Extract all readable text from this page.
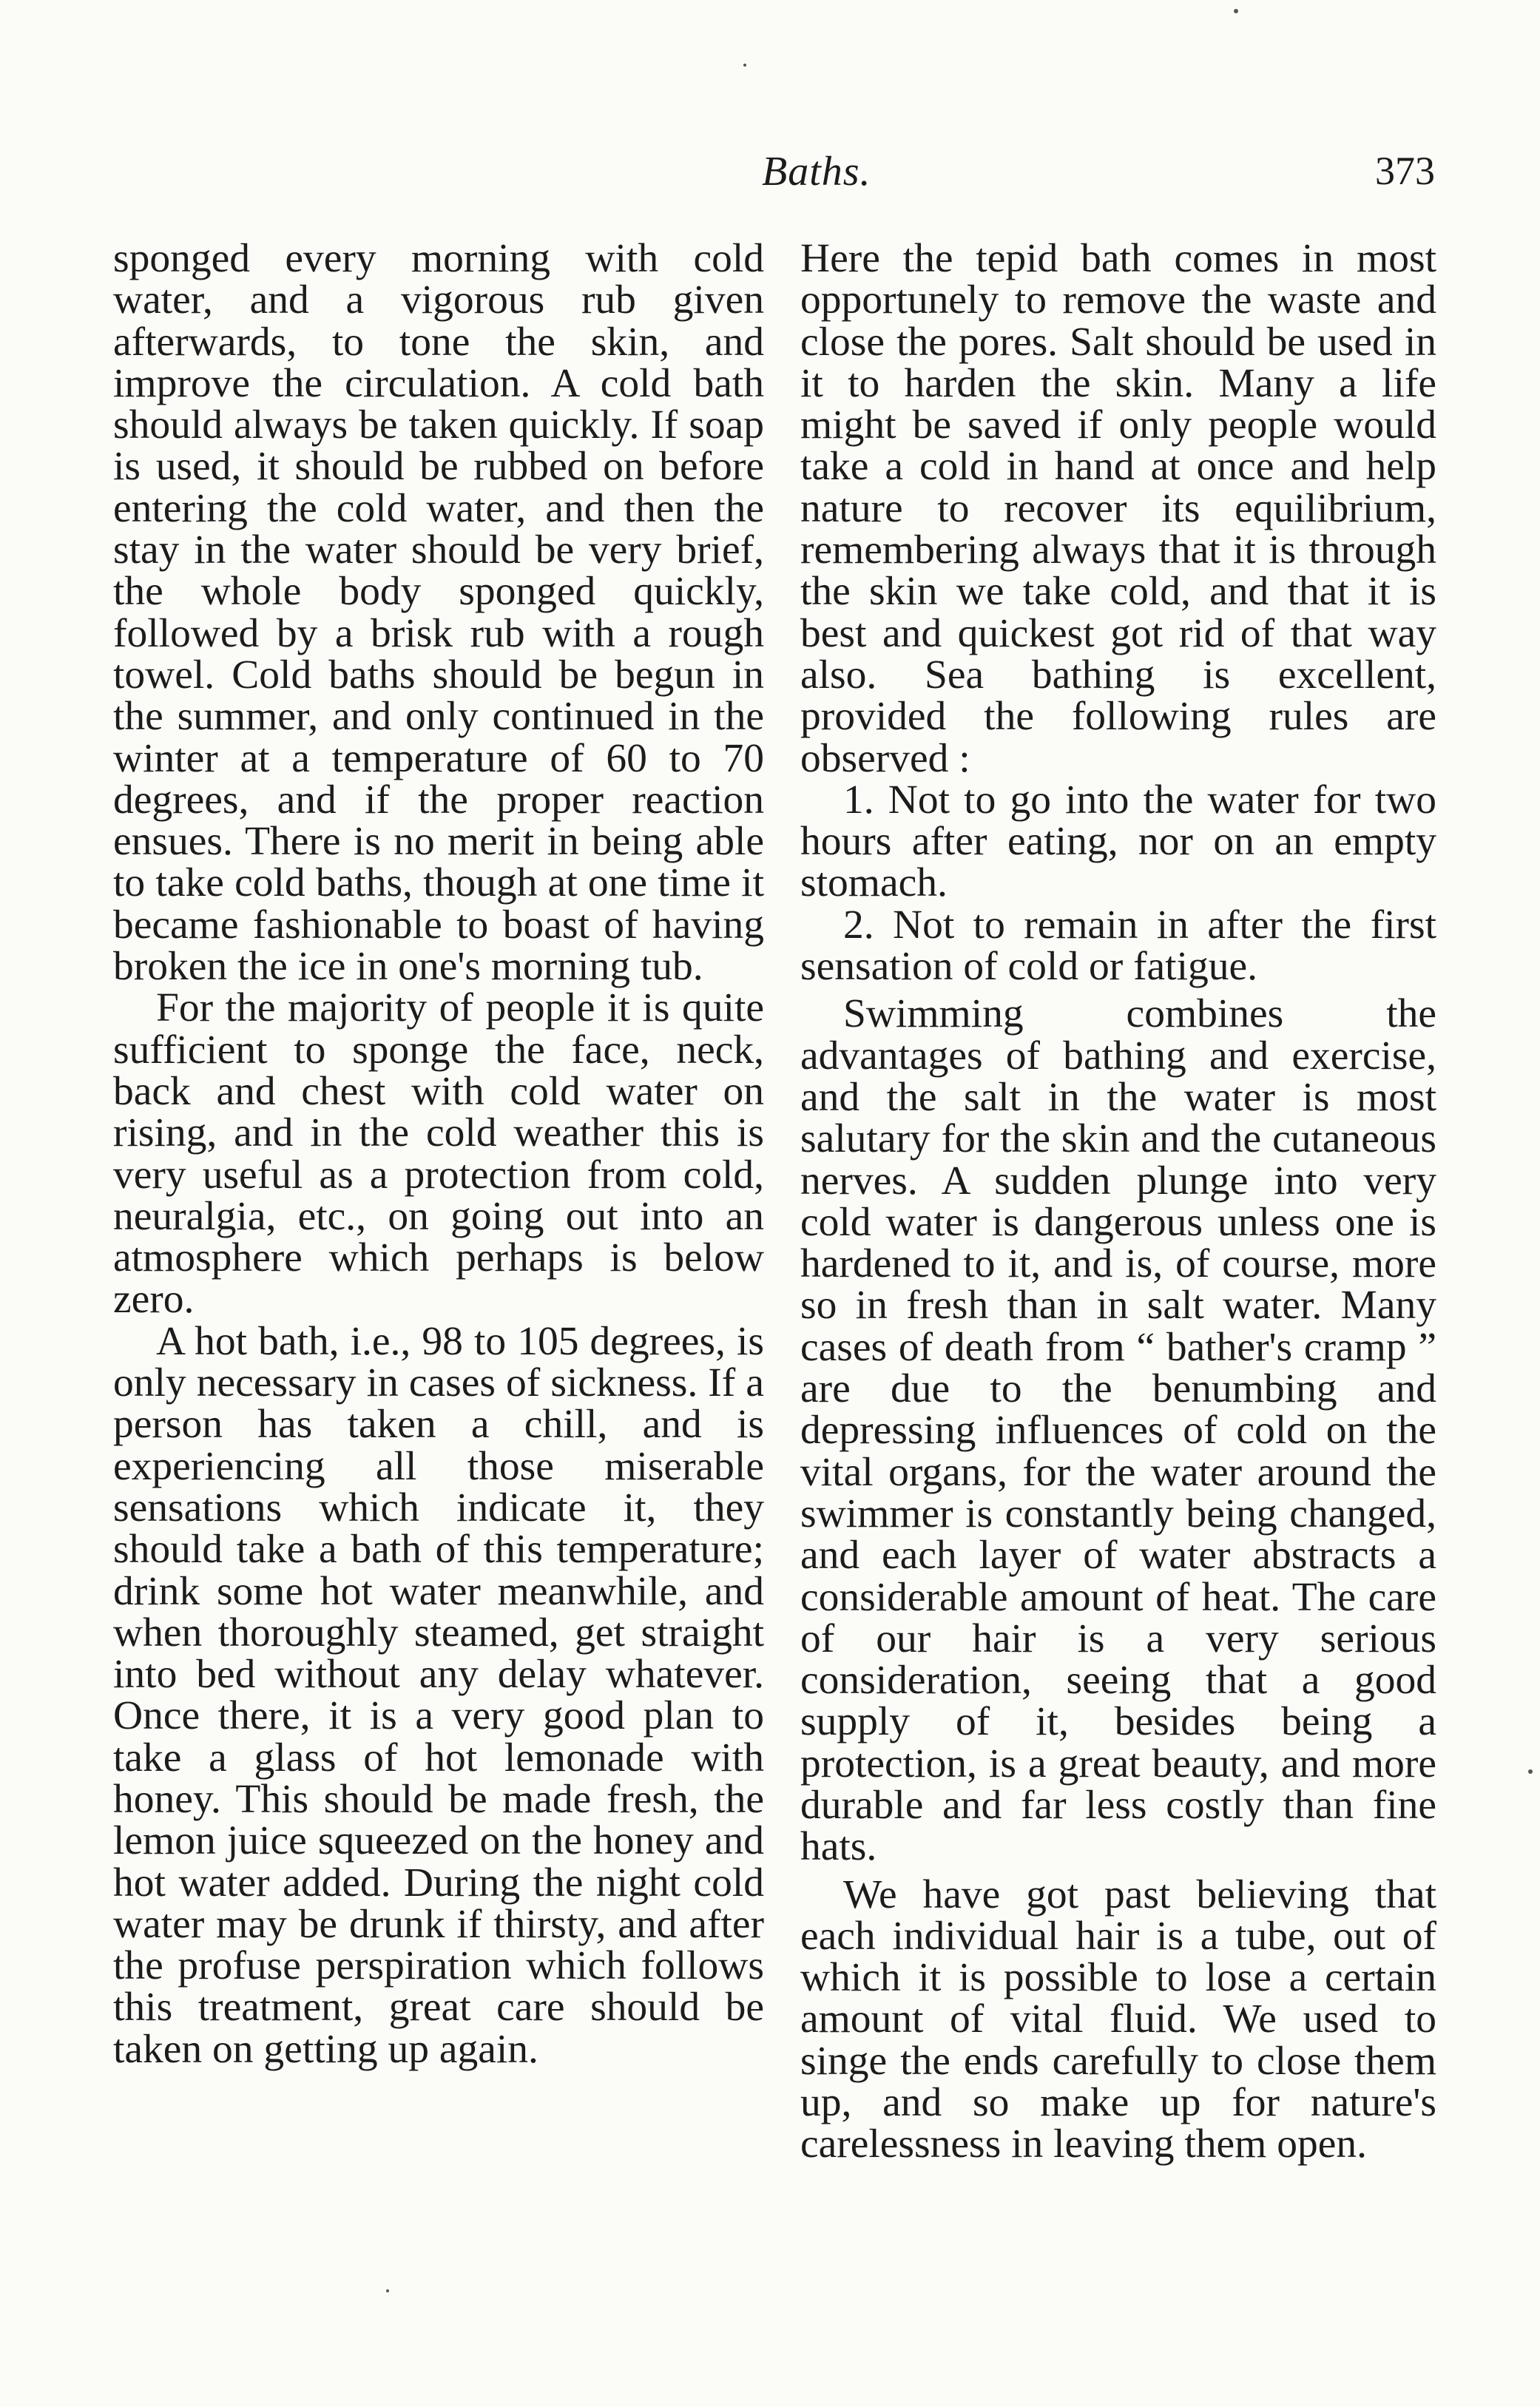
Baths.	373

sponged every morning with cold water, and a vigorous rub given afterwards, to tone the skin, and improve the circulation. A cold bath should always be taken quickly. If soap is used, it should be rubbed on before entering the cold water, and then the stay in the water should be very brief, the whole body sponged quickly, followed by a brisk rub with a rough towel. Cold baths should be begun in the summer, and only continued in the winter at a temperature of 60 to 70 degrees, and if the proper reaction ensues. There is no merit in being able to take cold baths, though at one time it became fashionable to boast of having broken the ice in one's morning tub.

For the majority of people it is quite sufficient to sponge the face, neck, back and chest with cold water on rising, and in the cold weather this is very useful as a protection from cold, neuralgia, etc., on going out into an atmosphere which perhaps is below zero.

A hot bath, i.e., 98 to 105 degrees, is only necessary in cases of sickness. If a person has taken a chill, and is experiencing all those miserable sensations which indicate it, they should take a bath of this temperature; drink some hot water meanwhile, and when thoroughly steamed, get straight into bed without any delay whatever. Once there, it is a very good plan to take a glass of hot lemonade with honey. This should be made fresh, the lemon juice squeezed on the honey and hot water added. During the night cold water may be drunk if thirsty, and after the profuse perspiration which follows this treatment, great care should be taken on getting up again.

Here the tepid bath comes in most opportunely to remove the waste and close the pores. Salt should be used in it to harden the skin. Many a life might be saved if only people would take a cold in hand at once and help nature to recover its equilibrium, remembering always that it is through the skin we take cold, and that it is best and quickest got rid of that way also. Sea bathing is excellent, provided the following rules are observed :

1. Not to go into the water for two hours after eating, nor on an empty stomach.

2. Not to remain in after the first sensation of cold or fatigue.

Swimming combines the advantages of bathing and exercise, and the salt in the water is most salutary for the skin and the cutaneous nerves. A sudden plunge into very cold water is dangerous unless one is hardened to it, and is, of course, more so in fresh than in salt water. Many cases of death from “ bather's cramp ” are due to the benumbing and depressing influences of cold on the vital organs, for the water around the swimmer is constantly being changed, and each layer of water abstracts a considerable amount of heat. The care of our hair is a very serious consideration, seeing that a good supply of it, besides being a protection, is a great beauty, and more durable and far less costly than fine hats.

We have got past believing that each individual hair is a tube, out of which it is possible to lose a certain amount of vital fluid. We used to singe the ends carefully to close them up, and so make up for nature's carelessness in leaving them open.
